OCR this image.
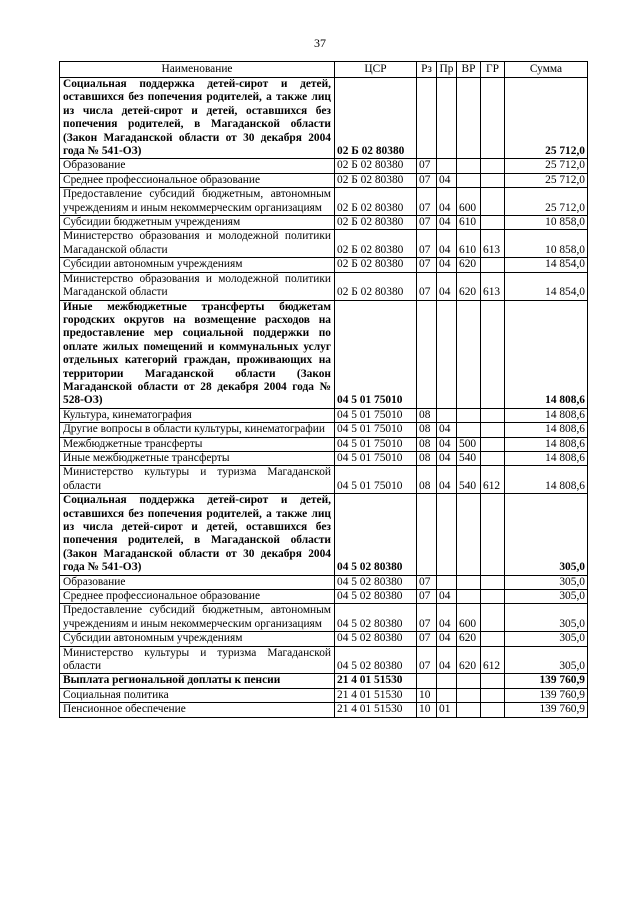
37
Наименование	ЦСР	Рз	Пр	ВР	ГР	Сумма
Социальная поддержка детей-сирот и детей, оставшихся без попечения родителей, а также лиц из числа детей-сирот и детей, оставшихся без попечения родителей, в Магаданской области (Закон Магаданской области от 30 декабря 2004 года № 541-ОЗ)	02 Б 02 80380					25 712,0
Образование	02 Б 02 80380	07				25 712,0
Среднее профессиональное образование	02 Б 02 80380	07	04			25 712,0
Предоставление субсидий бюджетным, автономным учреждениям и иным некоммерческим организациям	02 Б 02 80380	07	04	600		25 712,0
Субсидии бюджетным учреждениям	02 Б 02 80380	07	04	610		10 858,0
Министерство образования и молодежной политики Магаданской области	02 Б 02 80380	07	04	610	613	10 858,0
Субсидии автономным учреждениям	02 Б 02 80380	07	04	620		14 854,0
Министерство образования и молодежной политики Магаданской области	02 Б 02 80380	07	04	620	613	14 854,0
Иные межбюджетные трансферты бюджетам городских округов на возмещение расходов на предоставление мер социальной поддержки по оплате жилых помещений и коммунальных услуг отдельных категорий граждан, проживающих на территории Магаданской области (Закон Магаданской области от 28 декабря 2004 года № 528-ОЗ)	04 5 01 75010					14 808,6
Культура, кинематография	04 5 01 75010	08				14 808,6
Другие вопросы в области культуры, кинематографии	04 5 01 75010	08	04			14 808,6
Межбюджетные трансферты	04 5 01 75010	08	04	500		14 808,6
Иные межбюджетные трансферты	04 5 01 75010	08	04	540		14 808,6
Министерство культуры и туризма Магаданской области	04 5 01 75010	08	04	540	612	14 808,6
Социальная поддержка детей-сирот и детей, оставшихся без попечения родителей, а также лиц из числа детей-сирот и детей, оставшихся без попечения родителей, в Магаданской области (Закон Магаданской области от 30 декабря 2004 года № 541-ОЗ)	04 5 02 80380					305,0
Образование	04 5 02 80380	07				305,0
Среднее профессиональное образование	04 5 02 80380	07	04			305,0
Предоставление субсидий бюджетным, автономным учреждениям и иным некоммерческим организациям	04 5 02 80380	07	04	600		305,0
Субсидии автономным учреждениям	04 5 02 80380	07	04	620		305,0
Министерство культуры и туризма Магаданской области	04 5 02 80380	07	04	620	612	305,0
Выплата региональной доплаты к пенсии	21 4 01 51530					139 760,9
Социальная политика	21 4 01 51530	10				139 760,9
Пенсионное обеспечение	21 4 01 51530	10	01			139 760,9
